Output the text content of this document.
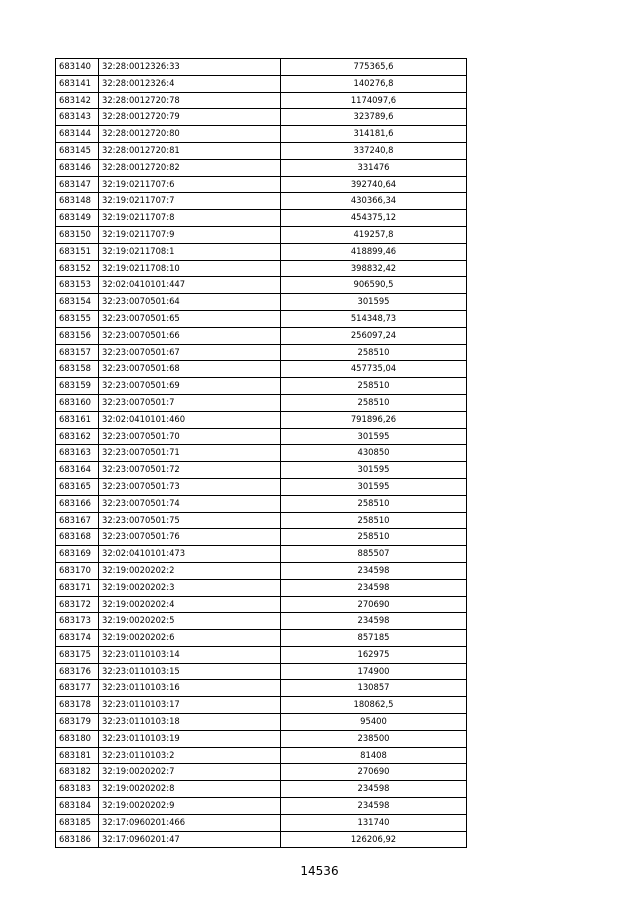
683140	32:28:0012326:33	775365,6
683141	32:28:0012326:4	140276,8
683142	32:28:0012720:78	1174097,6
683143	32:28:0012720:79	323789,6
683144	32:28:0012720:80	314181,6
683145	32:28:0012720:81	337240,8
683146	32:28:0012720:82	331476
683147	32:19:0211707:6	392740,64
683148	32:19:0211707:7	430366,34
683149	32:19:0211707:8	454375,12
683150	32:19:0211707:9	419257,8
683151	32:19:0211708:1	418899,46
683152	32:19:0211708:10	398832,42
683153	32:02:0410101:447	906590,5
683154	32:23:0070501:64	301595
683155	32:23:0070501:65	514348,73
683156	32:23:0070501:66	256097,24
683157	32:23:0070501:67	258510
683158	32:23:0070501:68	457735,04
683159	32:23:0070501:69	258510
683160	32:23:0070501:7	258510
683161	32:02:0410101:460	791896,26
683162	32:23:0070501:70	301595
683163	32:23:0070501:71	430850
683164	32:23:0070501:72	301595
683165	32:23:0070501:73	301595
683166	32:23:0070501:74	258510
683167	32:23:0070501:75	258510
683168	32:23:0070501:76	258510
683169	32:02:0410101:473	885507
683170	32:19:0020202:2	234598
683171	32:19:0020202:3	234598
683172	32:19:0020202:4	270690
683173	32:19:0020202:5	234598
683174	32:19:0020202:6	857185
683175	32:23:0110103:14	162975
683176	32:23:0110103:15	174900
683177	32:23:0110103:16	130857
683178	32:23:0110103:17	180862,5
683179	32:23:0110103:18	95400
683180	32:23:0110103:19	238500
683181	32:23:0110103:2	81408
683182	32:19:0020202:7	270690
683183	32:19:0020202:8	234598
683184	32:19:0020202:9	234598
683185	32:17:0960201:466	131740
683186	32:17:0960201:47	126206,92
14536
